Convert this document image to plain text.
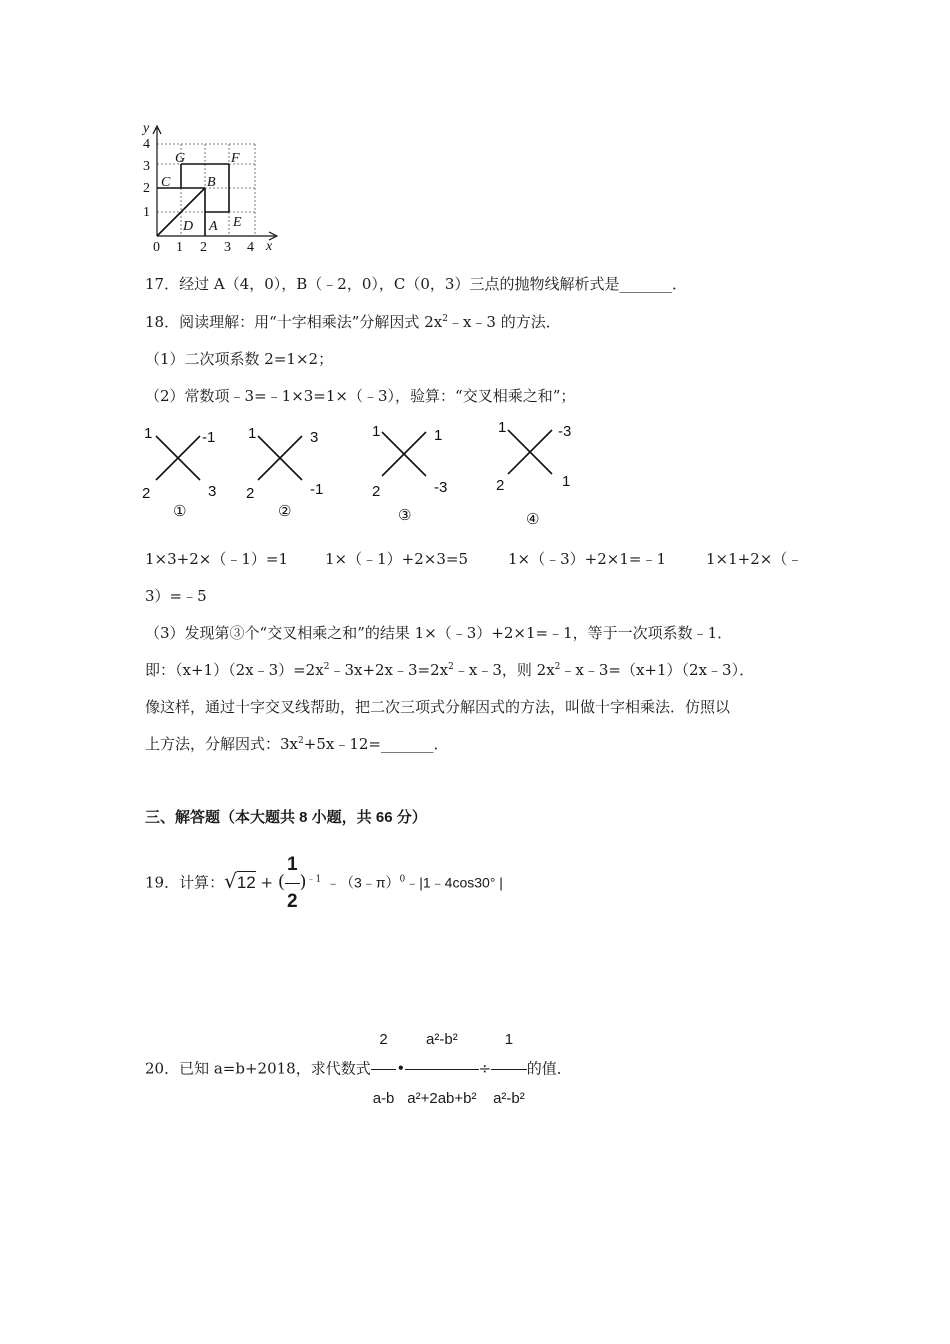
y
x
4
3
2
1
0 1 2 3 4
G	F
C	B
D A E
17．经过 A（4，0），B（﹣2，0），C（0，3）三点的抛物线解析式是_______．
18．阅读理解：用“十字相乘法”分解因式 $2x^2﹣x﹣3$ 的方法．
（1）二次项系数 2=1×2；
（2）常数项﹣3=﹣1×3=1×（﹣3），验算：“交叉相乘之和”；
1	-1
2	3
①
1	3
2	-1
②
1	1
2	-3
③
1	-3
2	1
④
1×3+2×（﹣1）=1 1×（﹣1）+2×3=5	1×（﹣3）+2×1=﹣1	1×1+2×（﹣
3）=﹣5
（3）发现第③个“交叉相乘之和”的结果 1×（﹣3）+2×1=﹣1，等于一次项系数﹣1．
即：$(x+1)(2x﹣3)=2x^2﹣3x+2x﹣3=2x^2﹣x﹣3$，则 $2x^2﹣x﹣3=(x+1)(2x﹣3)$．
像这样，通过十字交叉线帮助，把二次三项式分解因式的方法，叫做十字相乘法．仿照以
上方法，分解因式：$3x^2+5x﹣12=\_\_\_\_\_\_\_$．
三、解答题（本大题共 8 小题，共 66 分）
19．计算：√12 + ( $\frac{1}{2} )^{﹣1}$ ﹣（3﹣π）$^0$﹣|1﹣4cos30° |
20．已知 a=b+2018，求代数式 $\frac{2}{a-b}$ • $\frac{\text{a²-b²}}{\text{a²+2ab+b²}} \div \frac{1}{\text{a²-b²}}$ 的值．
